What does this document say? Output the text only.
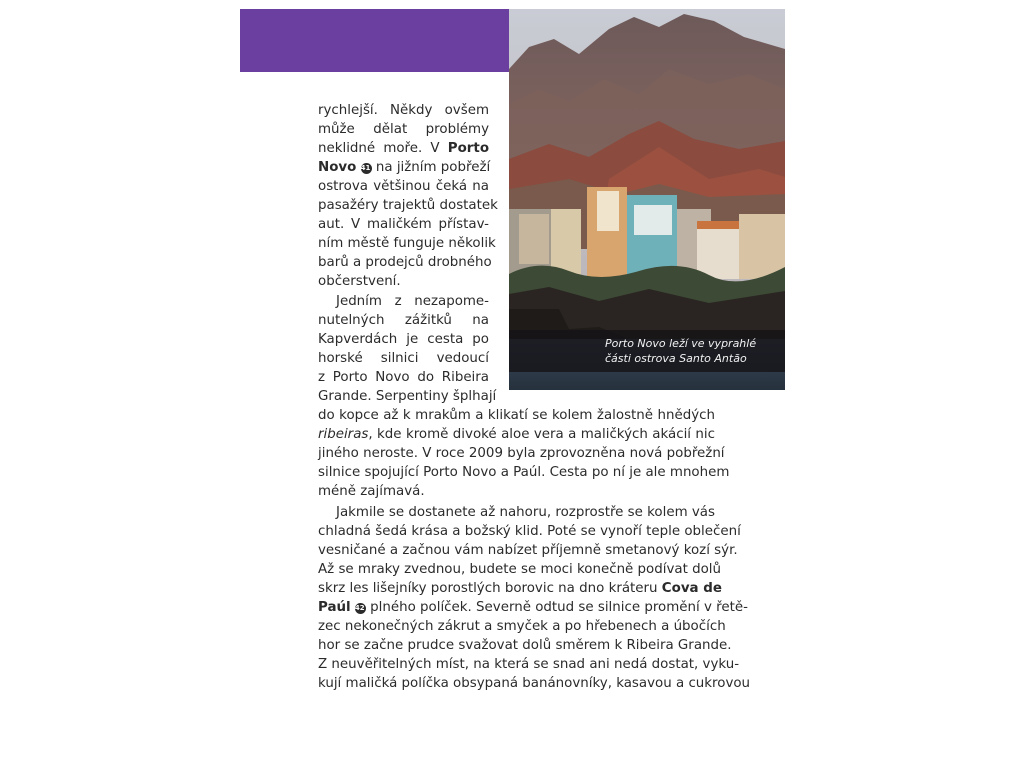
Porto Novo leží ve vyprahlé
části ostrova Santo Antão
rychlejší. Někdy ovšem
může dělat problémy
neklidné moře. V Porto
Novo 41 na jižním pobřeží
ostrova většinou čeká na
pasažéry trajektů dostatek
aut. V maličkém přístav-
ním městě funguje několik
barů a prodejců drobného
občerstvení.
Jedním z nezapome-
nutelných zážitků na
Kapverdách je cesta po
horské silnici vedoucí
z Porto Novo do Ribeira
Grande. Serpentiny šplhají
do kopce až k mrakům a klikatí se kolem žalostně hnědých
ribeiras, kde kromě divoké aloe vera a maličkých akácií nic
jiného neroste. V roce 2009 byla zprovozněna nová pobřežní
silnice spojující Porto Novo a Paúl. Cesta po ní je ale mnohem
méně zajímavá.
Jakmile se dostanete až nahoru, rozprostře se kolem vás
chladná šedá krása a božský klid. Poté se vynoří teple oblečení
vesničané a začnou vám nabízet příjemně smetanový kozí sýr.
Až se mraky zvednou, budete se moci konečně podívat dolů
skrz les lišejníky porostlých borovic na dno kráteru Cova de
Paúl 42 plného políček. Severně odtud se silnice promění v řetě-
zec nekonečných zákrut a smyček a po hřebenech a úbočích
hor se začne prudce svažovat dolů směrem k Ribeira Grande.
Z neuvěřitelných míst, na která se snad ani nedá dostat, vyku-
kují maličká políčka obsypaná banánovníky, kasavou a cukrovou
